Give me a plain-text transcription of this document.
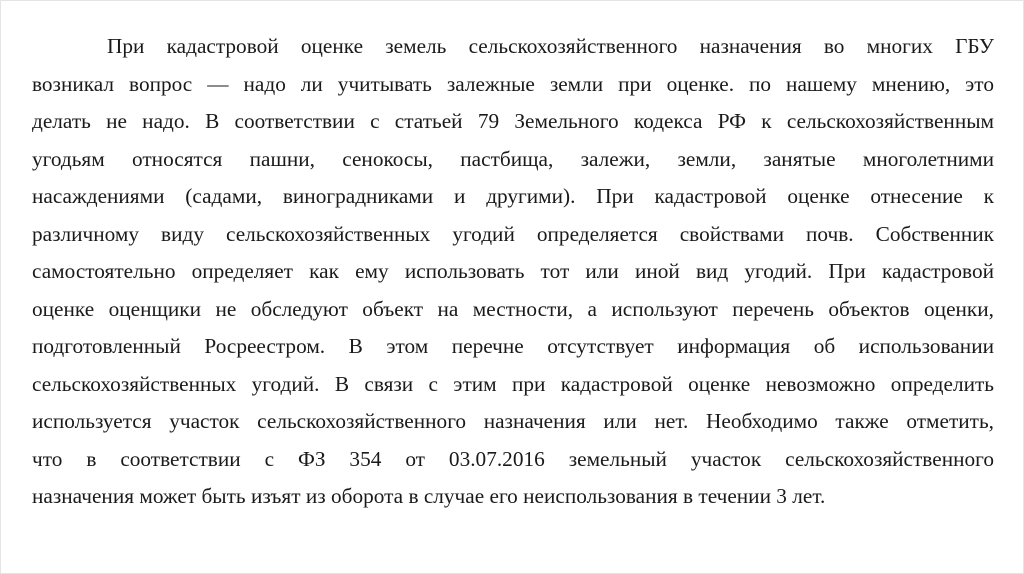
При кадастровой оценке земель сельскохозяйственного назначения во многих ГБУ
возникал вопрос — надо ли учитывать залежные земли при оценке. по нашему мнению, это
делать не надо. В соответствии с статьей 79 Земельного кодекса РФ к сельскохозяйственным
угодьям относятся пашни, сенокосы, пастбища, залежи, земли, занятые многолетними
насаждениями (садами, виноградниками и другими). При кадастровой оценке отнесение к
различному виду сельскохозяйственных угодий определяется свойствами почв. Собственник
самостоятельно определяет как ему использовать тот или иной вид угодий. При кадастровой
оценке оценщики не обследуют объект на местности, а используют перечень объектов оценки,
подготовленный Росреестром. В этом перечне отсутствует информация об использовании
сельскохозяйственных угодий. В связи с этим при кадастровой оценке невозможно определить
используется участок сельскохозяйственного назначения или нет. Необходимо также отметить,
что в соответствии с ФЗ 354 от 03.07.2016 земельный участок сельскохозяйственного
назначения может быть изъят из оборота в случае его неиспользования в течении 3 лет.
